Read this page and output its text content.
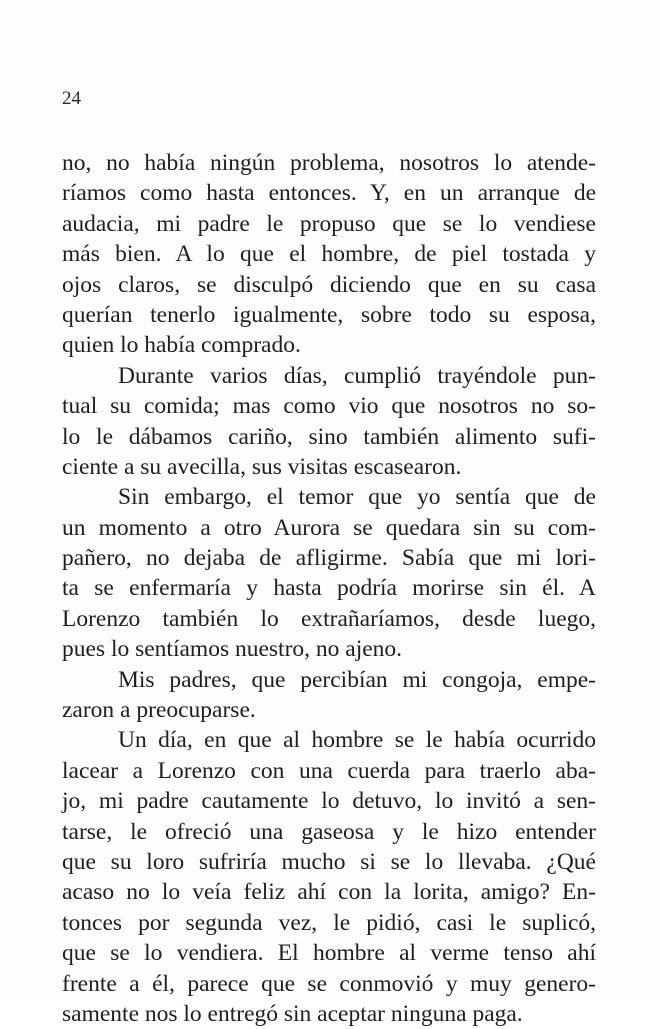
24

no, no había ningún problema, nosotros lo atende-
ríamos como hasta entonces. Y, en un arranque de
audacia, mi padre le propuso que se lo vendiese
más bien. A lo que el hombre, de piel tostada y
ojos claros, se disculpó diciendo que en su casa
querían tenerlo igualmente, sobre todo su esposa,
quien lo había comprado.
Durante varios días, cumplió trayéndole pun-
tual su comida; mas como vio que nosotros no so-
lo le dábamos cariño, sino también alimento sufi-
ciente a su avecilla, sus visitas escasearon.
Sin embargo, el temor que yo sentía que de
un momento a otro Aurora se quedara sin su com-
pañero, no dejaba de afligirme. Sabía que mi lori-
ta se enfermaría y hasta podría morirse sin él. A
Lorenzo también lo extrañaríamos, desde luego,
pues lo sentíamos nuestro, no ajeno.
Mis padres, que percibían mi congoja, empe-
zaron a preocuparse.
Un día, en que al hombre se le había ocurrido
lacear a Lorenzo con una cuerda para traerlo aba-
jo, mi padre cautamente lo detuvo, lo invitó a sen-
tarse, le ofreció una gaseosa y le hizo entender
que su loro sufriría mucho si se lo llevaba. ¿Qué
acaso no lo veía feliz ahí con la lorita, amigo? En-
tonces por segunda vez, le pidió, casi le suplicó,
que se lo vendiera. El hombre al verme tenso ahí
frente a él, parece que se conmovió y muy genero-
samente nos lo entregó sin aceptar ninguna paga.
